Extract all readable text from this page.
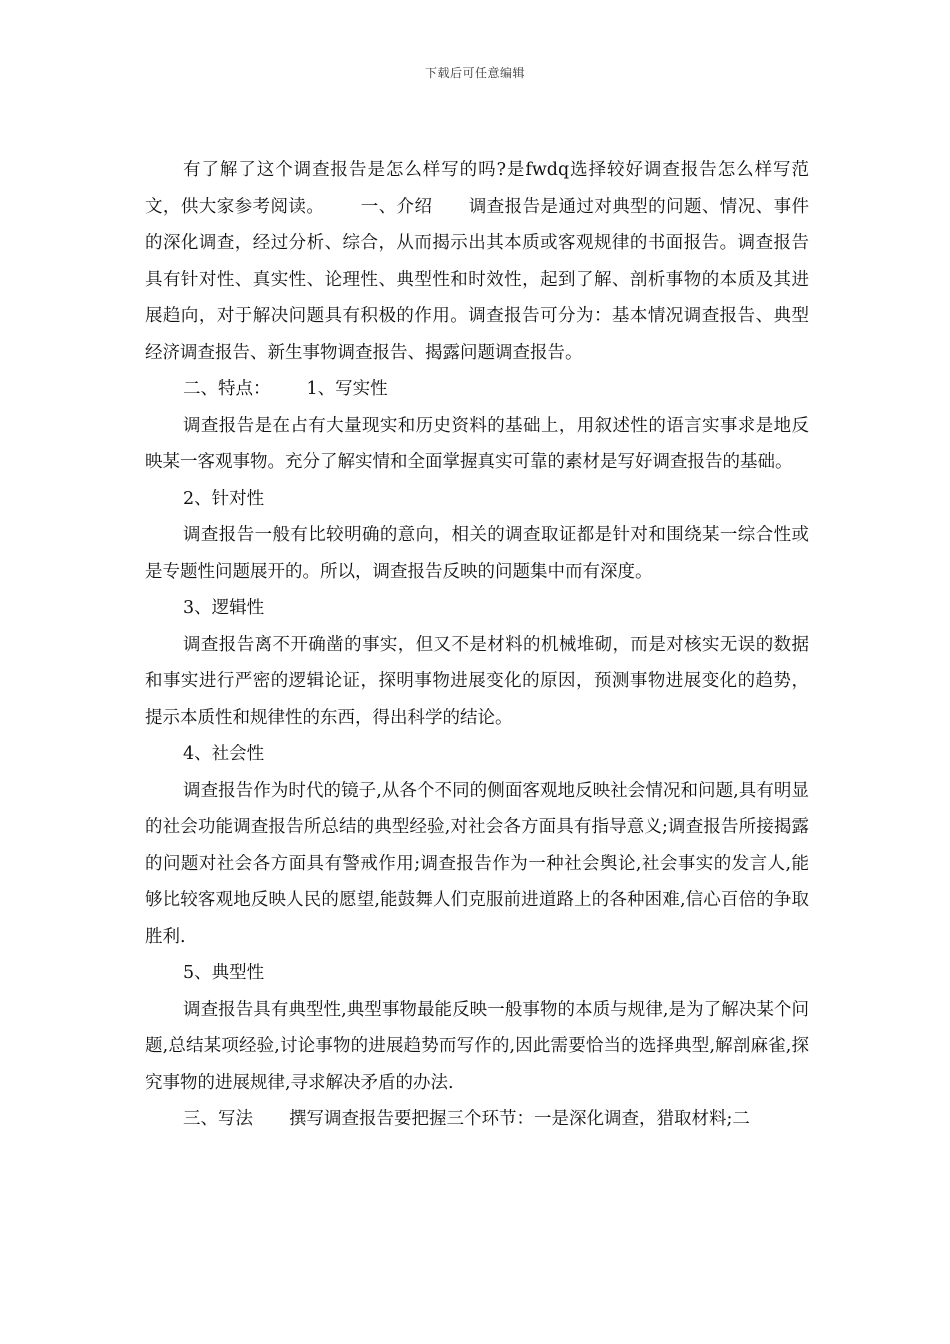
下载后可任意编辑

有了解了这个调查报告是怎么样写的吗?是fwdq选择较好调查报告怎么样写范文，供大家参考阅读。 一、介绍 调查报告是通过对典型的问题、情况、事件的深化调查，经过分析、综合，从而揭示出其本质或客观规律的书面报告。调查报告具有针对性、真实性、论理性、典型性和时效性，起到了解、剖析事物的本质及其进展趋向，对于解决问题具有积极的作用。调查报告可分为：基本情况调查报告、典型经济调查报告、新生事物调查报告、揭露问题调查报告。

二、特点： 1、写实性

调查报告是在占有大量现实和历史资料的基础上，用叙述性的语言实事求是地反映某一客观事物。充分了解实情和全面掌握真实可靠的素材是写好调查报告的基础。

2、针对性

调查报告一般有比较明确的意向，相关的调查取证都是针对和围绕某一综合性或是专题性问题展开的。所以，调查报告反映的问题集中而有深度。

3、逻辑性

调查报告离不开确凿的事实，但又不是材料的机械堆砌，而是对核实无误的数据和事实进行严密的逻辑论证，探明事物进展变化的原因，预测事物进展变化的趋势，提示本质性和规律性的东西，得出科学的结论。

4、社会性

调查报告作为时代的镜子,从各个不同的侧面客观地反映社会情况和问题,具有明显的社会功能调查报告所总结的典型经验,对社会各方面具有指导意义;调查报告所接揭露的问题对社会各方面具有警戒作用;调查报告作为一种社会舆论,社会事实的发言人,能够比较客观地反映人民的愿望,能鼓舞人们克服前进道路上的各种困难,信心百倍的争取胜利.

5、典型性

调查报告具有典型性,典型事物最能反映一般事物的本质与规律,是为了解决某个问题,总结某项经验,讨论事物的进展趋势而写作的,因此需要恰当的选择典型,解剖麻雀,探究事物的进展规律,寻求解决矛盾的办法.

三、写法 撰写调查报告要把握三个环节：一是深化调查，猎取材料;二
